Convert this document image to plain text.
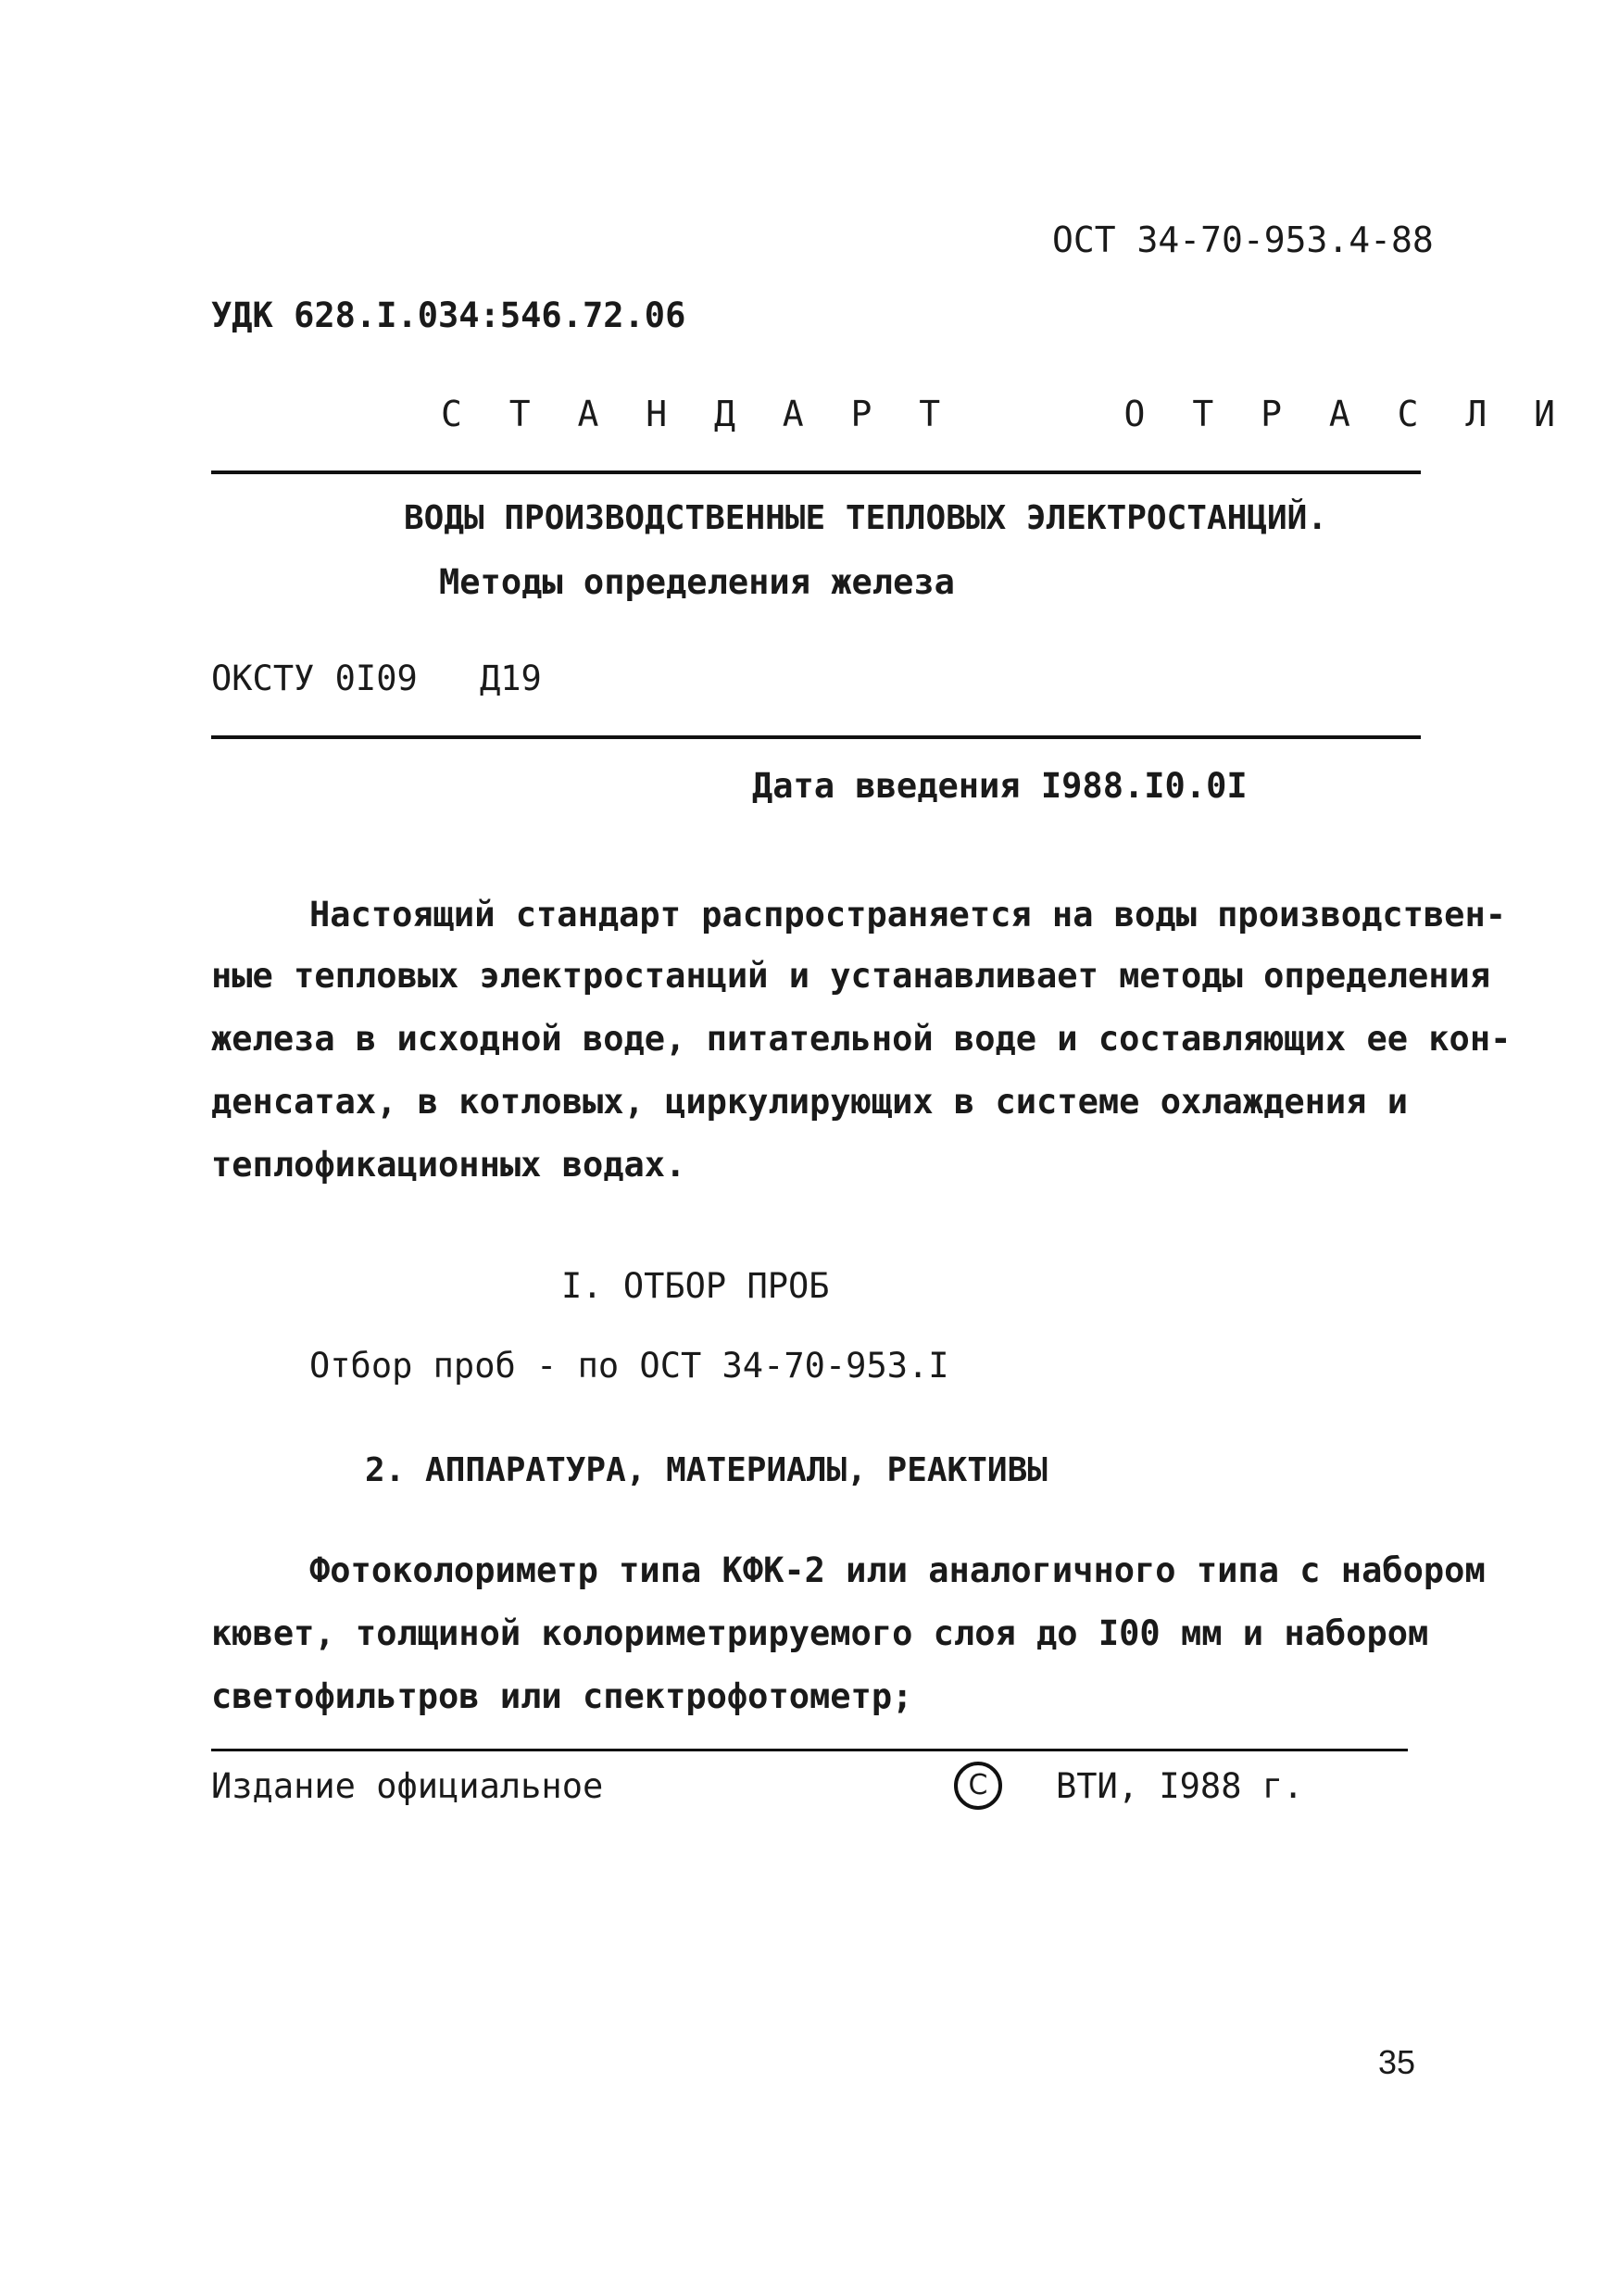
ОСТ 34-70-953.4-88
УДК 628.I.034:546.72.06
С Т А Н Д А Р Т     О Т Р А С Л И
ВОДЫ ПРОИЗВОДСТВЕННЫЕ ТЕПЛОВЫХ ЭЛЕКТРОСТАНЦИЙ.
Методы определения железа
ОКСТУ 0I09 Д19
Дата введения I988.I0.0I
Настоящий стандарт распространяется на воды производствен-
ные тепловых электростанций и устанавливает методы определения
железа в исходной воде, питательной воде и составляющих ее кон-
денсатах, в котловых, циркулирующих в системе охлаждения и
теплофикационных водах.
I. ОТБОР ПРОБ
Отбор проб - по ОСТ 34-70-953.I
2. АППАРАТУРА, МАТЕРИАЛЫ, РЕАКТИВЫ
Фотоколориметр типа КФК-2 или аналогичного типа с набором
кювет, толщиной колориметрируемого слоя до I00 мм и набором
светофильтров или спектрофотометр;
Издание официальное	C	ВТИ, I988 г.
35
